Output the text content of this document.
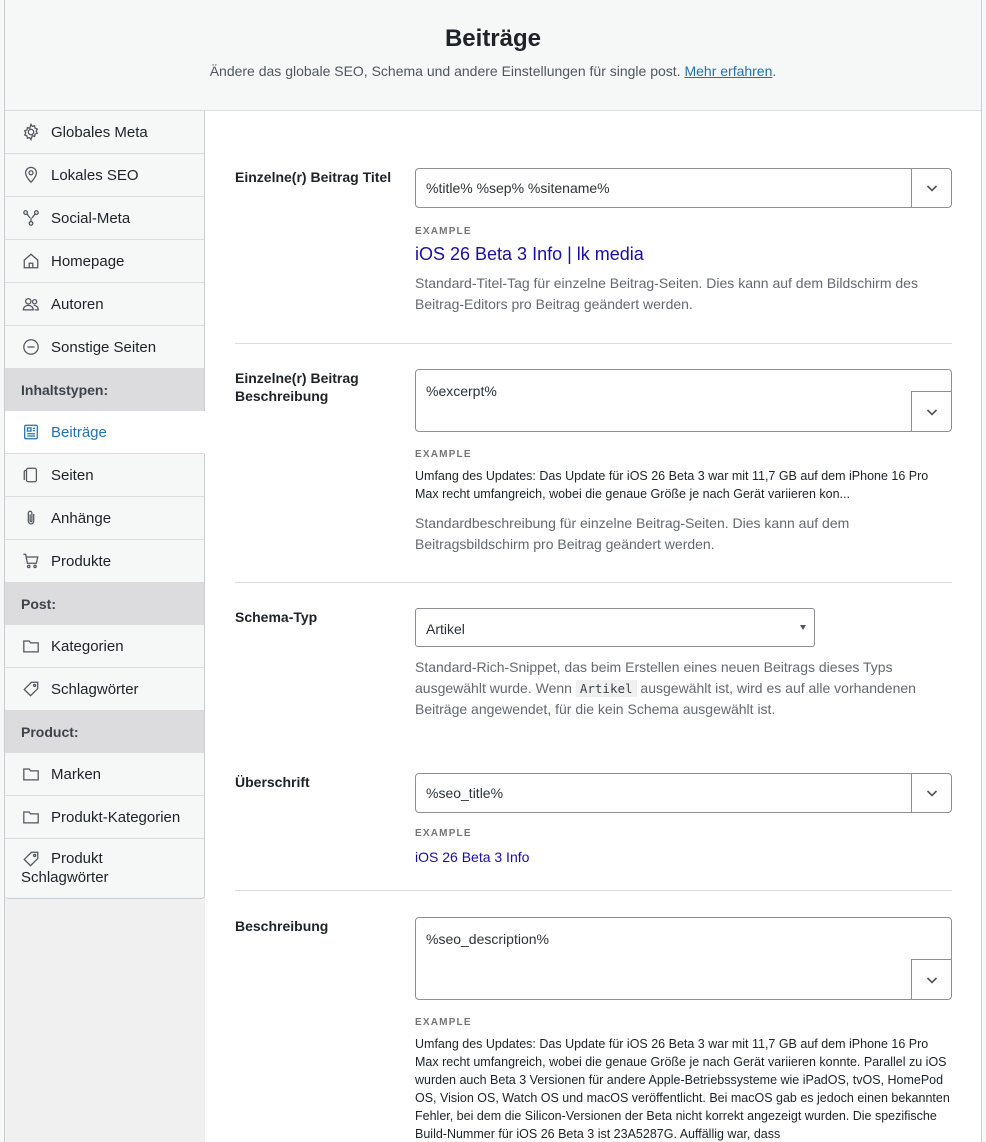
Beiträge

Ändere das globale SEO, Schema und andere Einstellungen für single post. Mehr erfahren.

Globales Meta
Lokales SEO
Social-Meta
Homepage
Autoren
Sonstige Seiten
Inhaltstypen:
Beiträge
Seiten
Anhänge
Produkte
Post:
Kategorien
Schlagwörter
Product:
Marken
Produkt-Kategorien
Produkt
Schlagwörter
Einzelne(r) Beitrag Titel
%title% %sep% %sitename%
EXAMPLE
iOS 26 Beta 3 Info | lk media
Standard-Titel-Tag für einzelne Beitrag-Seiten. Dies kann auf dem Bildschirm des Beitrag-Editors pro Beitrag geändert werden.
Einzelne(r) Beitrag Beschreibung	%excerpt%
EXAMPLE
Umfang des Updates: Das Update für iOS 26 Beta 3 war mit 11,7 GB auf dem iPhone 16 Pro Max recht umfangreich, wobei die genaue Größe je nach Gerät variieren kon...
Standardbeschreibung für einzelne Beitrag-Seiten. Dies kann auf dem Beitragsbildschirm pro Beitrag geändert werden.
Schema-Typ
Artikel
Standard-Rich-Snippet, das beim Erstellen eines neuen Beitrags dieses Typs ausgewählt wurde. Wenn Artikel ausgewählt ist, wird es auf alle vorhandenen Beiträge angewendet, für die kein Schema ausgewählt ist.
Überschrift
%seo_title%
EXAMPLE
iOS 26 Beta 3 Info
Beschreibung
%seo_description%
EXAMPLE
Umfang des Updates: Das Update für iOS 26 Beta 3 war mit 11,7 GB auf dem iPhone 16 Pro Max recht umfangreich, wobei die genaue Größe je nach Gerät variieren konnte. Parallel zu iOS wurden auch Beta 3 Versionen für andere Apple-Betriebssysteme wie iPadOS, tvOS, HomePod OS, Vision OS, Watch OS und macOS veröffentlicht. Bei macOS gab es jedoch einen bekannten Fehler, bei dem die Silicon-Versionen der Beta nicht korrekt angezeigt wurden. Die spezifische Build-Nummer für iOS 26 Beta 3 ist 23A5287G. Auffällig war, dass
